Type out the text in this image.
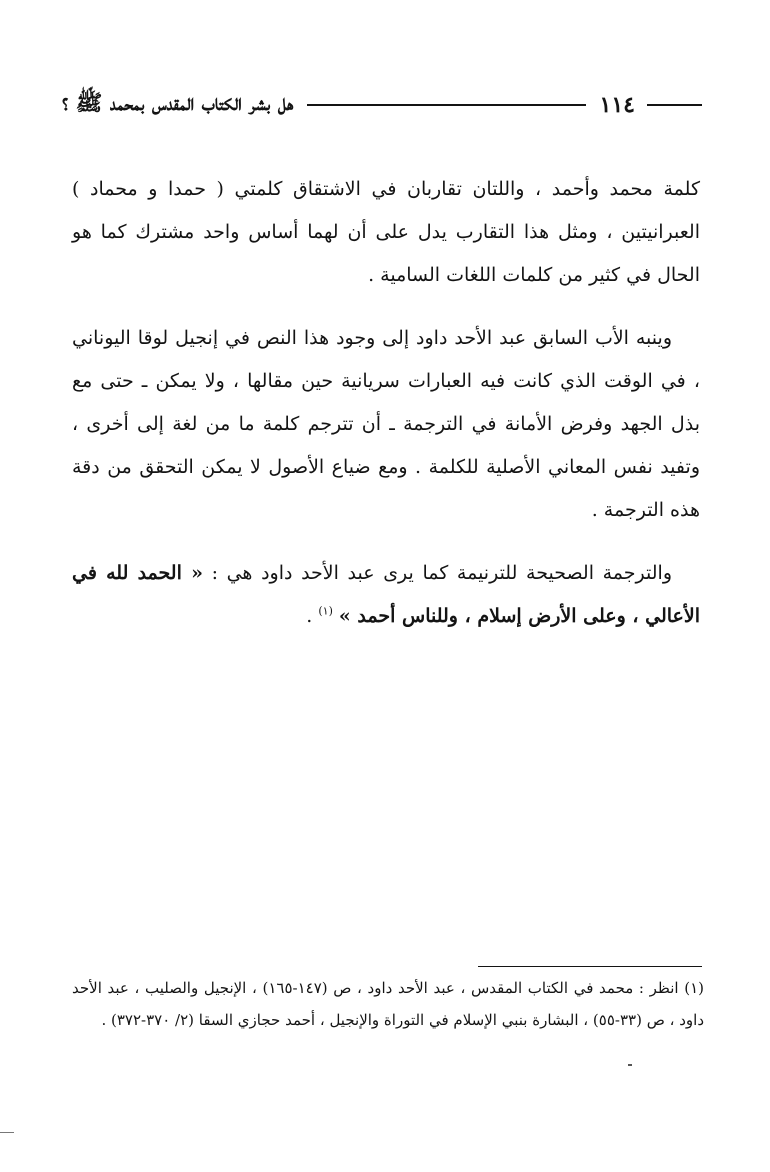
١١٤
هل بشر الكتاب المقدس بمحمد ﷺ ؟

كلمة محمد وأحمد ، واللتان تقاربان في الاشتقاق كلمتي ( حمدا و محماد ) العبرانيتين ، ومثل هذا التقارب يدل على أن لهما أساس واحد مشترك كما هو الحال في كثير من كلمات اللغات السامية .

وينبه الأب السابق عبد الأحد داود إلى وجود هذا النص في إنجيل لوقا اليوناني ، في الوقت الذي كانت فيه العبارات سريانية حين مقالها ، ولا يمكن ـ حتى مع بذل الجهد وفرض الأمانة في الترجمة ـ أن تترجم كلمة ما من لغة إلى أخرى ، وتفيد نفس المعاني الأصلية للكلمة . ومع ضياع الأصول لا يمكن التحقق من دقة هذه الترجمة .

والترجمة الصحيحة للترنيمة كما يرى عبد الأحد داود هي : « الحمد لله في الأعالي ، وعلى الأرض إسلام ، وللناس أحمد » $^{(١)}$ .

(١) انظر : محمد في الكتاب المقدس ، عبد الأحد داود ، ص (١٤٧-١٦٥) ، الإنجيل والصليب ، عبد الأحد داود ، ص (٣٣-٥٥) ، البشارة بنبي الإسلام في التوراة والإنجيل ، أحمد حجازي السقا (٢/ ٣٧٠-٣٧٢) .
